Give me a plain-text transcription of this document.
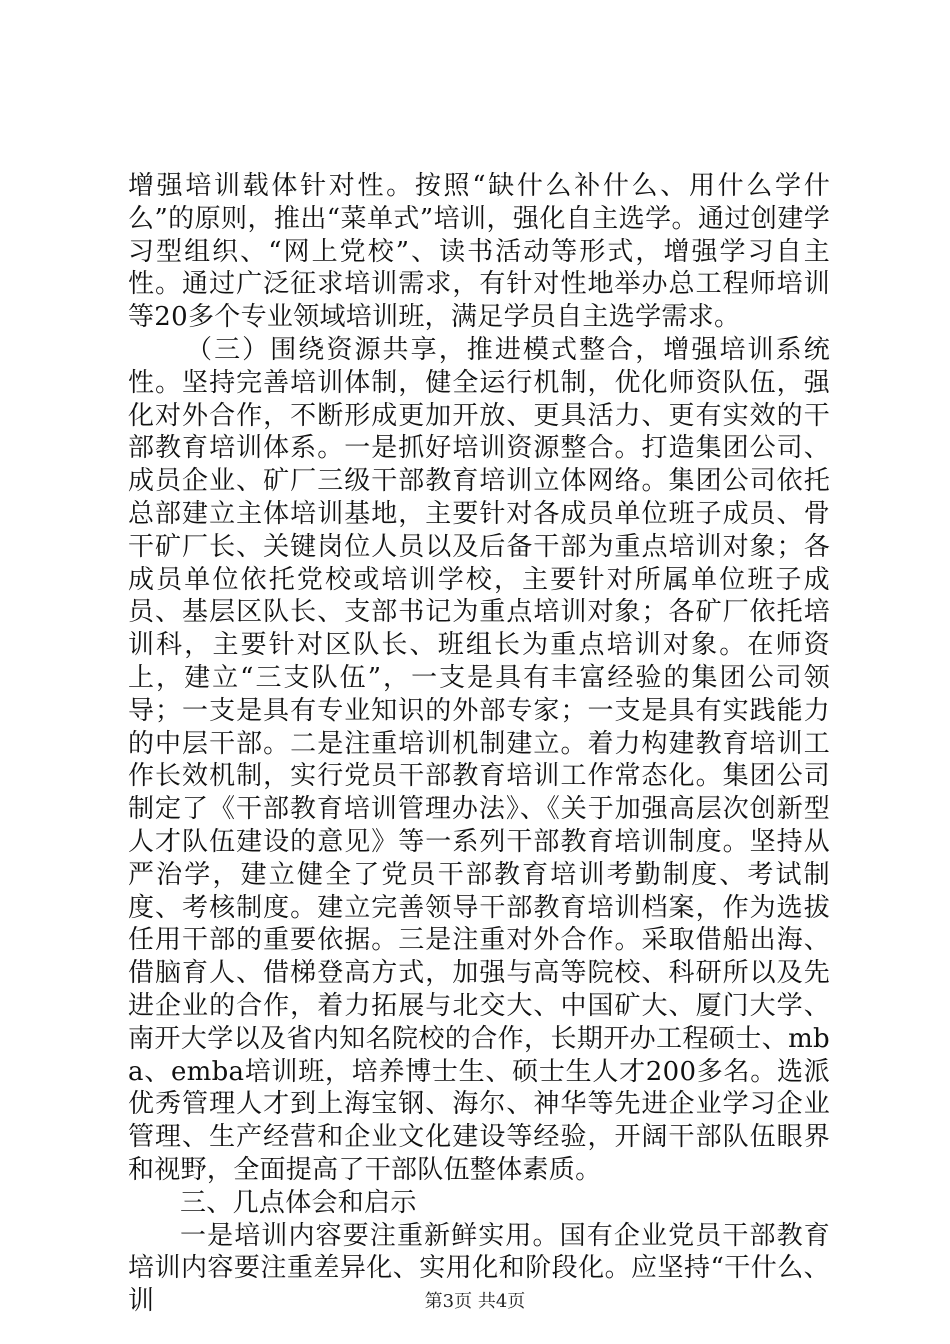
增强培训载体针对性。按照“缺什么补什么、用什么学什么”的原则，推出“菜单式”培训，强化自主选学。通过创建学习型组织、“网上党校”、读书活动等形式，增强学习自主性。通过广泛征求培训需求，有针对性地举办总工程师培训等20多个专业领域培训班，满足学员自主选学需求。

（三）围绕资源共享，推进模式整合，增强培训系统性。坚持完善培训体制，健全运行机制，优化师资队伍，强化对外合作，不断形成更加开放、更具活力、更有实效的干部教育培训体系。一是抓好培训资源整合。打造集团公司、成员企业、矿厂三级干部教育培训立体网络。集团公司依托总部建立主体培训基地，主要针对各成员单位班子成员、骨干矿厂长、关键岗位人员以及后备干部为重点培训对象；各成员单位依托党校或培训学校，主要针对所属单位班子成员、基层区队长、支部书记为重点培训对象；各矿厂依托培训科，主要针对区队长、班组长为重点培训对象。在师资上，建立“三支队伍”，一支是具有丰富经验的集团公司领导；一支是具有专业知识的外部专家；一支是具有实践能力的中层干部。二是注重培训机制建立。着力构建教育培训工作长效机制，实行党员干部教育培训工作常态化。集团公司制定了《干部教育培训管理办法》、《关于加强高层次创新型人才队伍建设的意见》等一系列干部教育培训制度。坚持从严治学，建立健全了党员干部教育培训考勤制度、考试制度、考核制度。建立完善领导干部教育培训档案，作为选拔任用干部的重要依据。三是注重对外合作。采取借船出海、借脑育人、借梯登高方式，加强与高等院校、科研所以及先进企业的合作，着力拓展与北交大、中国矿大、厦门大学、南开大学以及省内知名院校的合作，长期开办工程硕士、mba、emba培训班，培养博士生、硕士生人才200多名。选派优秀管理人才到上海宝钢、海尔、神华等先进企业学习企业管理、生产经营和企业文化建设等经验，开阔干部队伍眼界和视野，全面提高了干部队伍整体素质。

三、几点体会和启示

一是培训内容要注重新鲜实用。国有企业党员干部教育培训内容要注重差异化、实用化和阶段化。应坚持“干什么、训	第3页 共4页
